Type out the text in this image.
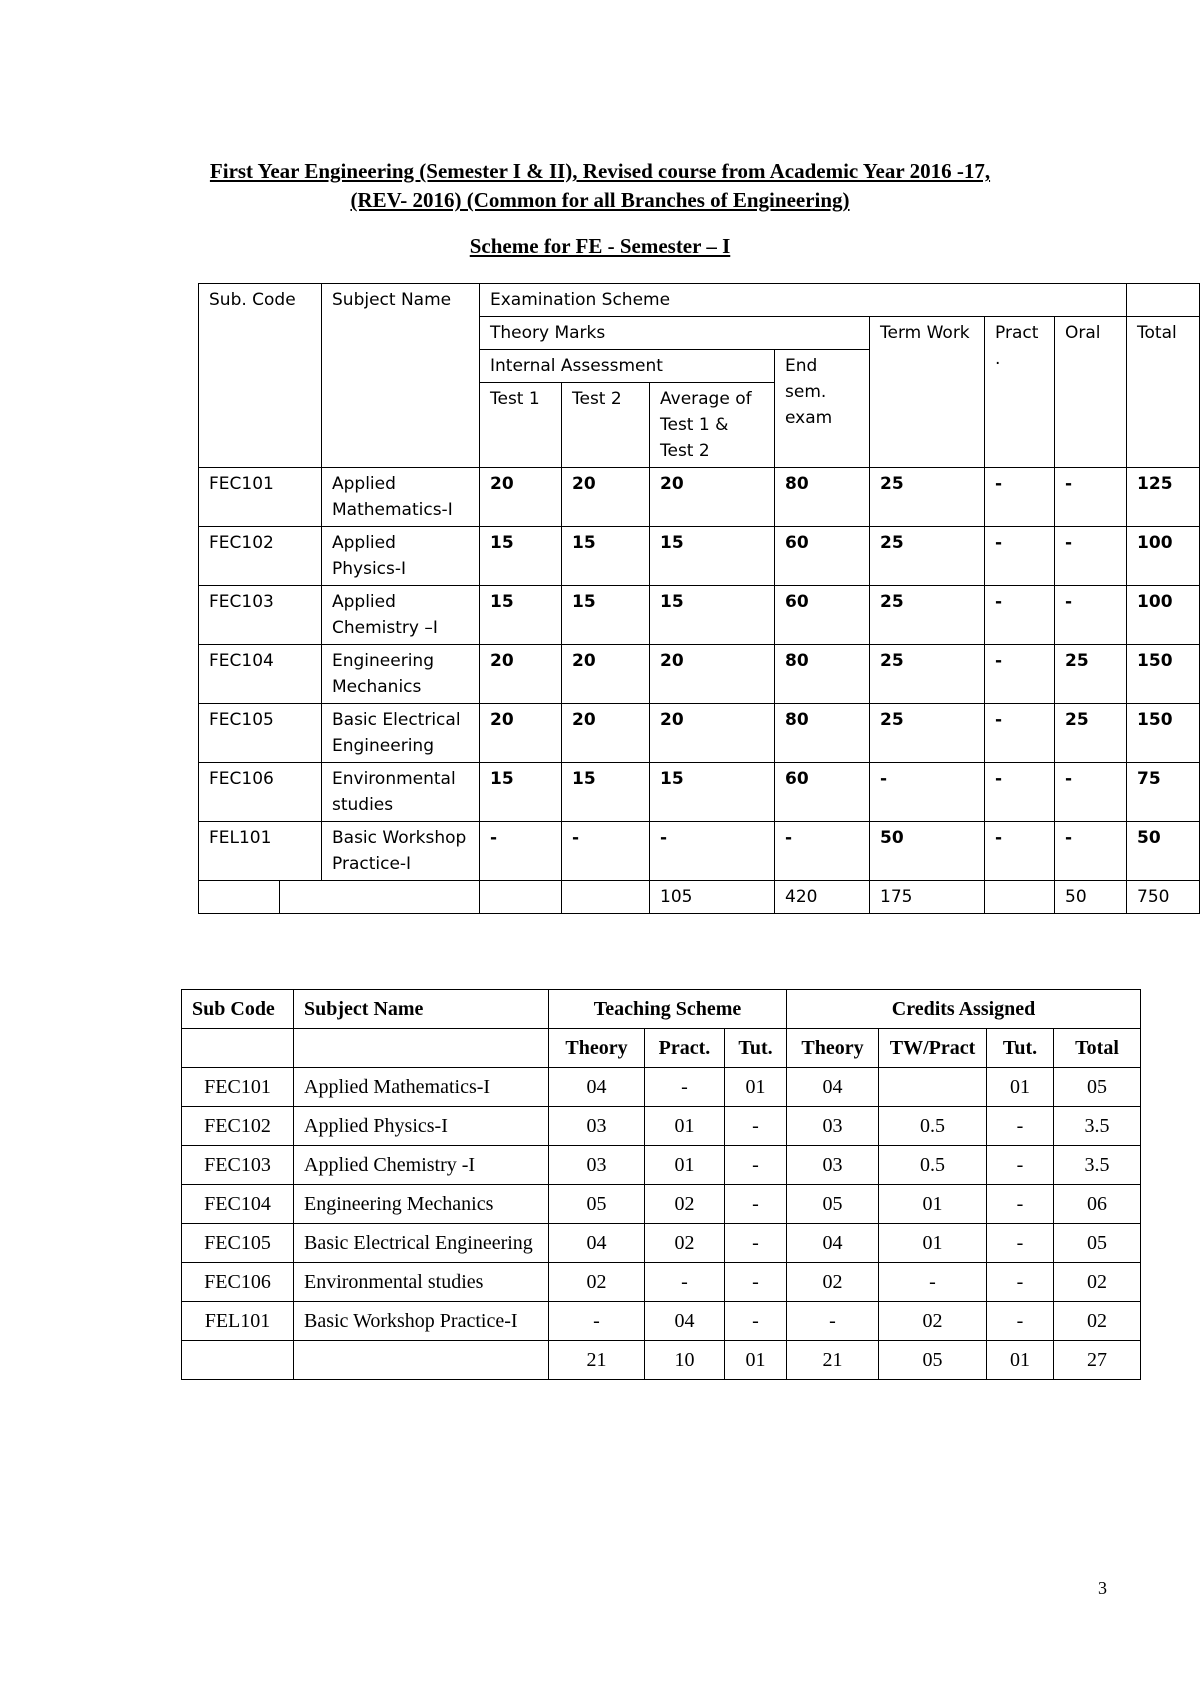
First Year Engineering (Semester I & II), Revised course from Academic Year 2016 -17,
(REV- 2016) (Common for all Branches of Engineering)
Scheme for FE - Semester – I
Sub. Code		Subject Name	Examination Scheme							
			Theory Marks				Term Work	Pract .	Oral	Total
			Internal Assessment			End sem. exam				
			Test 1	Test 2	Average of Test 1 & Test 2					
FEC101		Applied Mathematics-I	20	20	20	80	25	-	-	125
FEC102		Applied Physics-I	15	15	15	60	25	-	-	100
FEC103		Applied Chemistry –I	15	15	15	60	25	-	-	100
FEC104		Engineering Mechanics	20	20	20	80	25	-	25	150
FEC105		Basic Electrical Engineering	20	20	20	80	25	-	25	150
FEC106		Environmental studies	15	15	15	60	-	-	-	75
FEL101		Basic Workshop Practice-I	-	-	-	-	50	-	-	50
					105	420	175		50	750
Sub Code	Subject Name	Teaching Scheme			Credits Assigned			
		Theory	Pract.	Tut.	Theory	TW/Pract	Tut.	Total
FEC101	Applied Mathematics-I	04	-	01	04		01	05
FEC102	Applied Physics-I	03	01	-	03	0.5	-	3.5
FEC103	Applied Chemistry -I	03	01	-	03	0.5	-	3.5
FEC104	Engineering Mechanics	05	02	-	05	01	-	06
FEC105	Basic Electrical Engineering	04	02	-	04	01	-	05
FEC106	Environmental studies	02	-	-	02	-	-	02
FEL101	Basic Workshop Practice-I	-	04	-	-	02	-	02
		21	10	01	21	05	01	27
3
